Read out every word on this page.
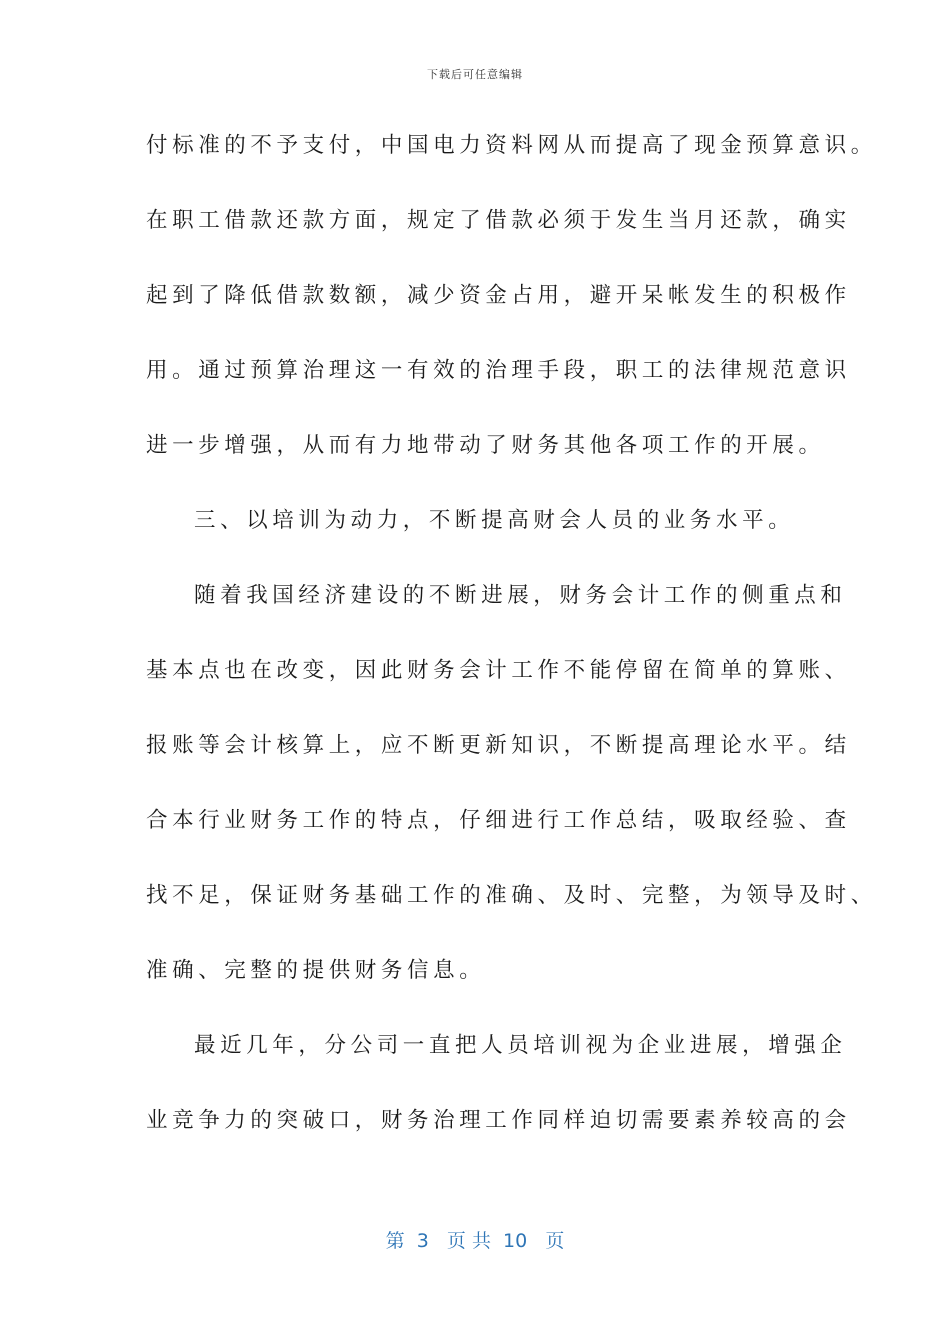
下载后可任意编辑
付标准的不予支付，中国电力资料网从而提高了现金预算意识。
在职工借款还款方面，规定了借款必须于发生当月还款，确实
起到了降低借款数额，减少资金占用，避开呆帐发生的积极作
用。通过预算治理这一有效的治理手段，职工的法律规范意识
进一步增强，从而有力地带动了财务其他各项工作的开展。
三、以培训为动力，不断提高财会人员的业务水平。
随着我国经济建设的不断进展，财务会计工作的侧重点和
基本点也在改变，因此财务会计工作不能停留在简单的算账、
报账等会计核算上，应不断更新知识，不断提高理论水平。结
合本行业财务工作的特点，仔细进行工作总结，吸取经验、查
找不足，保证财务基础工作的准确、及时、完整，为领导及时、
准确、完整的提供财务信息。
最近几年，分公司一直把人员培训视为企业进展，增强企
业竞争力的突破口，财务治理工作同样迫切需要素养较高的会
第  3   页 共  10   页
